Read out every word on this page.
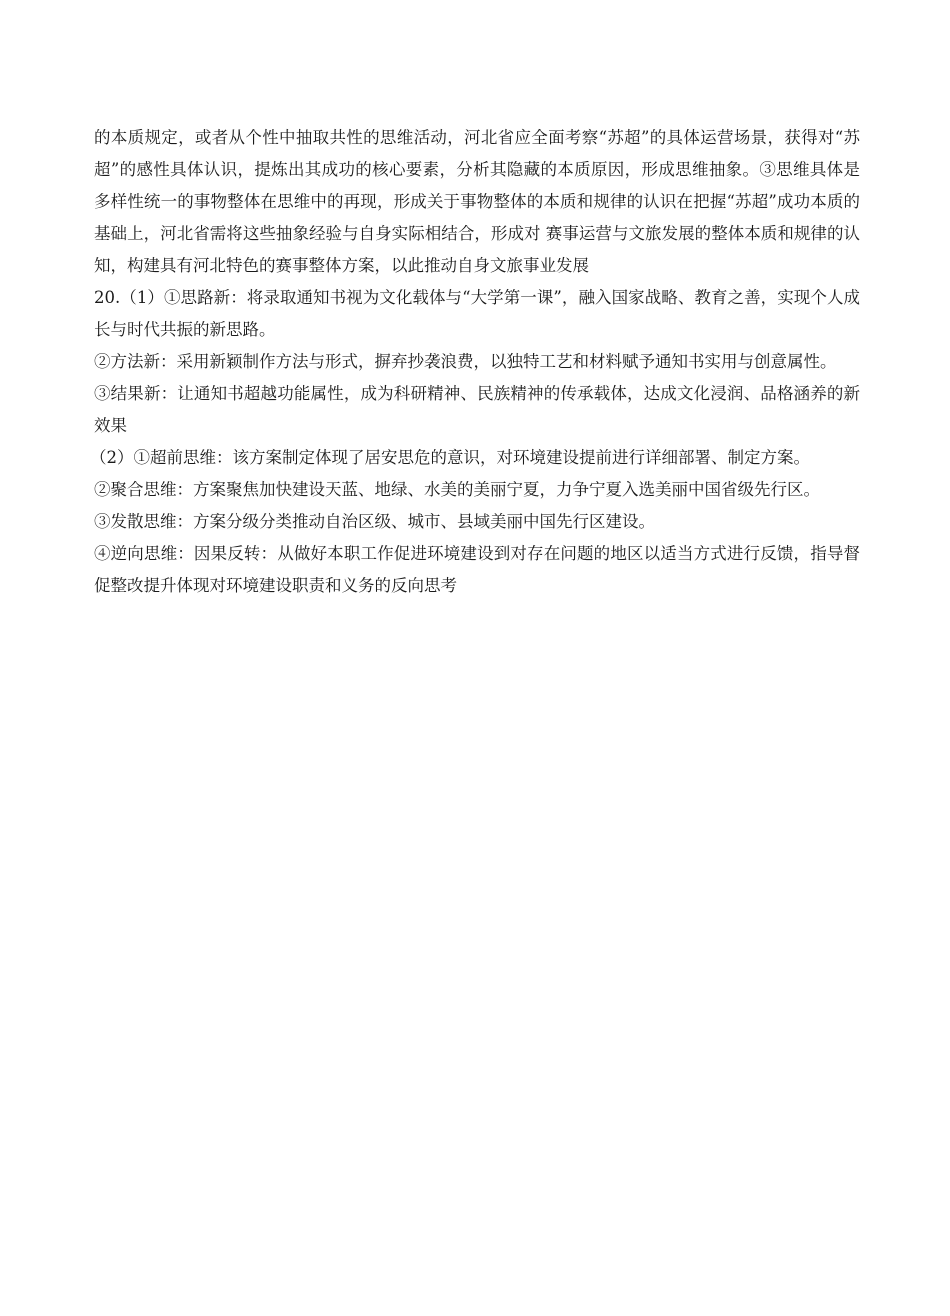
的本质规定，或者从个性中抽取共性的思维活动，河北省应全面考察“苏超”的具体运营场景，获得对“苏超”的感性具体认识，提炼出其成功的核心要素，分析其隐藏的本质原因，形成思维抽象。③思维具体是多样性统一的事物整体在思维中的再现，形成关于事物整体的本质和规律的认识在把握“苏超”成功本质的基础上，河北省需将这些抽象经验与自身实际相结合，形成对 赛事运营与文旅发展的整体本质和规律的认知，构建具有河北特色的赛事整体方案，以此推动自身文旅事业发展

20.（1）①思路新：将录取通知书视为文化载体与“大学第一课”，融入国家战略、教育之善，实现个人成长与时代共振的新思路。

②方法新：采用新颖制作方法与形式，摒弃抄袭浪费，以独特工艺和材料赋予通知书实用与创意属性。

③结果新：让通知书超越功能属性，成为科研精神、民族精神的传承载体，达成文化浸润、品格涵养的新效果

（2）①超前思维：该方案制定体现了居安思危的意识，对环境建设提前进行详细部署、制定方案。

②聚合思维：方案聚焦加快建设天蓝、地绿、水美的美丽宁夏，力争宁夏入选美丽中国省级先行区。

③发散思维：方案分级分类推动自治区级、城市、县域美丽中国先行区建设。

④逆向思维：因果反转：从做好本职工作促进环境建设到对存在问题的地区以适当方式进行反馈，指导督促整改提升体现对环境建设职责和义务的反向思考
